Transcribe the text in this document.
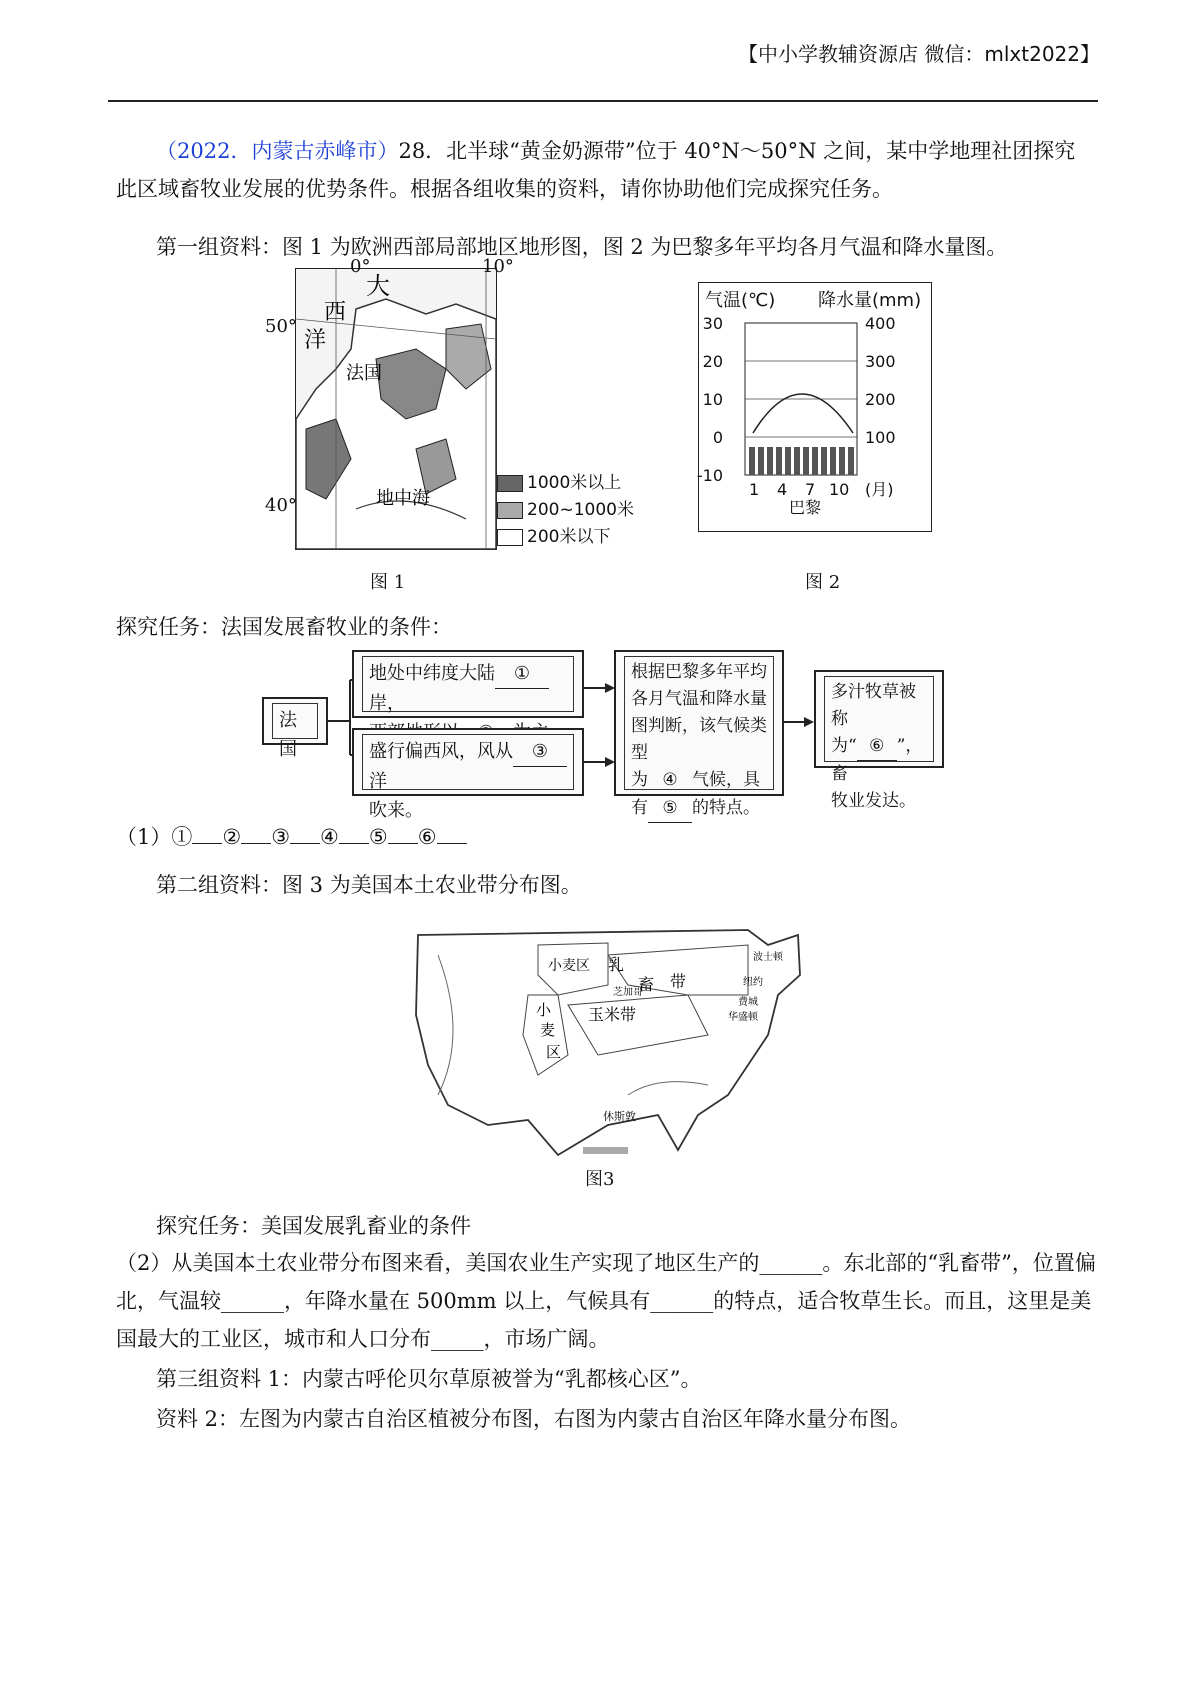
【中小学教辅资源店 微信：mlxt2022】
（2022．内蒙古赤峰市）28．北半球“黄金奶源带”位于 40°N～50°N 之间，某中学地理社团探究此区域畜牧业发展的优势条件。根据各组收集的资料，请你协助他们完成探究任务。
第一组资料：图 1 为欧洲西部局部地区地形图，图 2 为巴黎多年平均各月气温和降水量图。
大
西
洋
法国
地中海
0°	10°
50°
40°
1000米以上
200~1000米
200米以下
图 1
气温(℃) 降水量(mm)
30
20
10
0
-10
400
300
200
100
1 4 7 10 (月)
巴黎
图 2
探究任务：法国发展畜牧业的条件：
法国
地处中纬度大陆 ①岸，

盛行偏西风，风从 ③洋
吹来。
根据巴黎多年平均
各月气温和降水量
图判断，该气候类型
为 ④ 气候，具
有 ⑤ 的特点。
多汁牧草被称
为“ ⑥ ”，畜
牧业发达。
（1）① ② ③ ④ ⑤ ⑥
第二组资料：图 3 为美国本土农业带分布图。
小麦区 乳
畜 带
小
麦
区
玉米带
芝加哥
波士顿
纽约
费城
华盛顿
休斯敦
图3
探究任务：美国发展乳畜业的条件
（2）从美国本土农业带分布图来看，美国农业生产实现了地区生产的______。东北部的“乳畜带”，位置偏
北，气温较______，年降水量在 500mm 以上，气候具有______的特点，适合牧草生长。而且，这里是美
国最大的工业区，城市和人口分布_____，市场广阔。
第三组资料 1：内蒙古呼伦贝尔草原被誉为“乳都核心区”。
资料 2：左图为内蒙古自治区植被分布图，右图为内蒙古自治区年降水量分布图。
